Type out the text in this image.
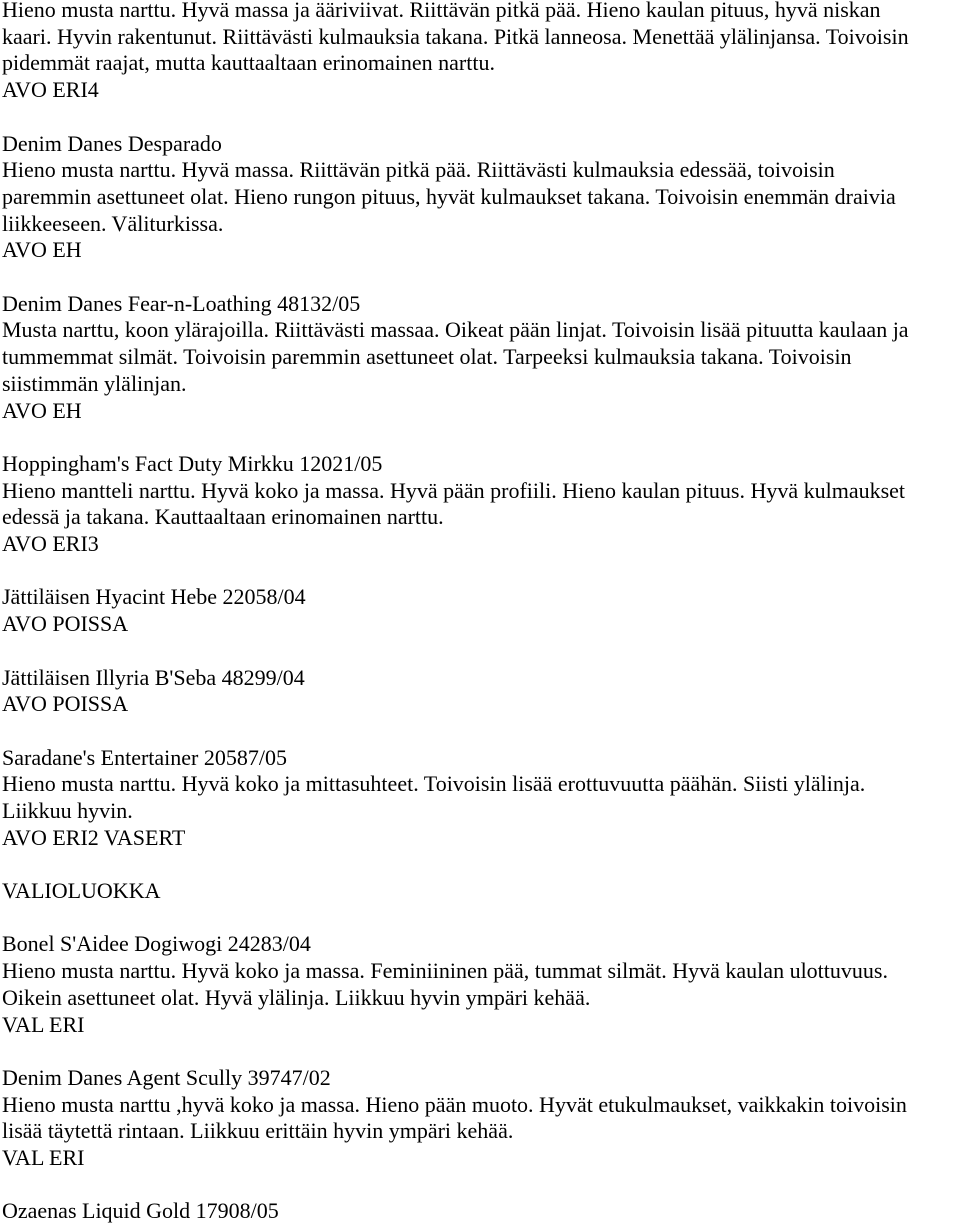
Hieno musta narttu. Hyvä massa ja ääriviivat. Riittävän pitkä pää. Hieno kaulan pituus, hyvä niskan

kaari. Hyvin rakentunut. Riittävästi kulmauksia takana. Pitkä lanneosa. Menettää ylälinjansa. Toivoisin

pidemmät raajat, mutta kauttaaltaan erinomainen narttu.

AVO ERI4

Denim Danes Desparado

Hieno musta narttu. Hyvä massa. Riittävän pitkä pää. Riittävästi kulmauksia edessää, toivoisin

paremmin asettuneet olat. Hieno rungon pituus, hyvät kulmaukset takana. Toivoisin enemmän draivia

liikkeeseen. Väliturkissa.

AVO EH

Denim Danes Fear-n-Loathing 48132/05

Musta narttu, koon ylärajoilla. Riittävästi massaa. Oikeat pään linjat. Toivoisin lisää pituutta kaulaan ja

tummemmat silmät. Toivoisin paremmin asettuneet olat. Tarpeeksi kulmauksia takana. Toivoisin

siistimmän ylälinjan.

AVO EH

Hoppingham's Fact Duty Mirkku 12021/05

Hieno mantteli narttu. Hyvä koko ja massa. Hyvä pään profiili. Hieno kaulan pituus. Hyvä kulmaukset

edessä ja takana. Kauttaaltaan erinomainen narttu.

AVO ERI3

Jättiläisen Hyacint Hebe 22058/04

AVO POISSA

Jättiläisen Illyria B'Seba 48299/04

AVO POISSA

Saradane's Entertainer 20587/05

Hieno musta narttu. Hyvä koko ja mittasuhteet. Toivoisin lisää erottuvuutta päähän. Siisti ylälinja.

Liikkuu hyvin.

AVO ERI2 VASERT

VALIOLUOKKA

Bonel S'Aidee Dogiwogi 24283/04

Hieno musta narttu. Hyvä koko ja massa. Feminiininen pää, tummat silmät. Hyvä kaulan ulottuvuus.

Oikein asettuneet olat. Hyvä ylälinja. Liikkuu hyvin ympäri kehää.

VAL ERI

Denim Danes Agent Scully 39747/02

Hieno musta narttu ,hyvä koko ja massa. Hieno pään muoto. Hyvät etukulmaukset, vaikkakin toivoisin

lisää täytettä rintaan. Liikkuu erittäin hyvin ympäri kehää.

VAL ERI

Ozaenas Liquid Gold 17908/05
